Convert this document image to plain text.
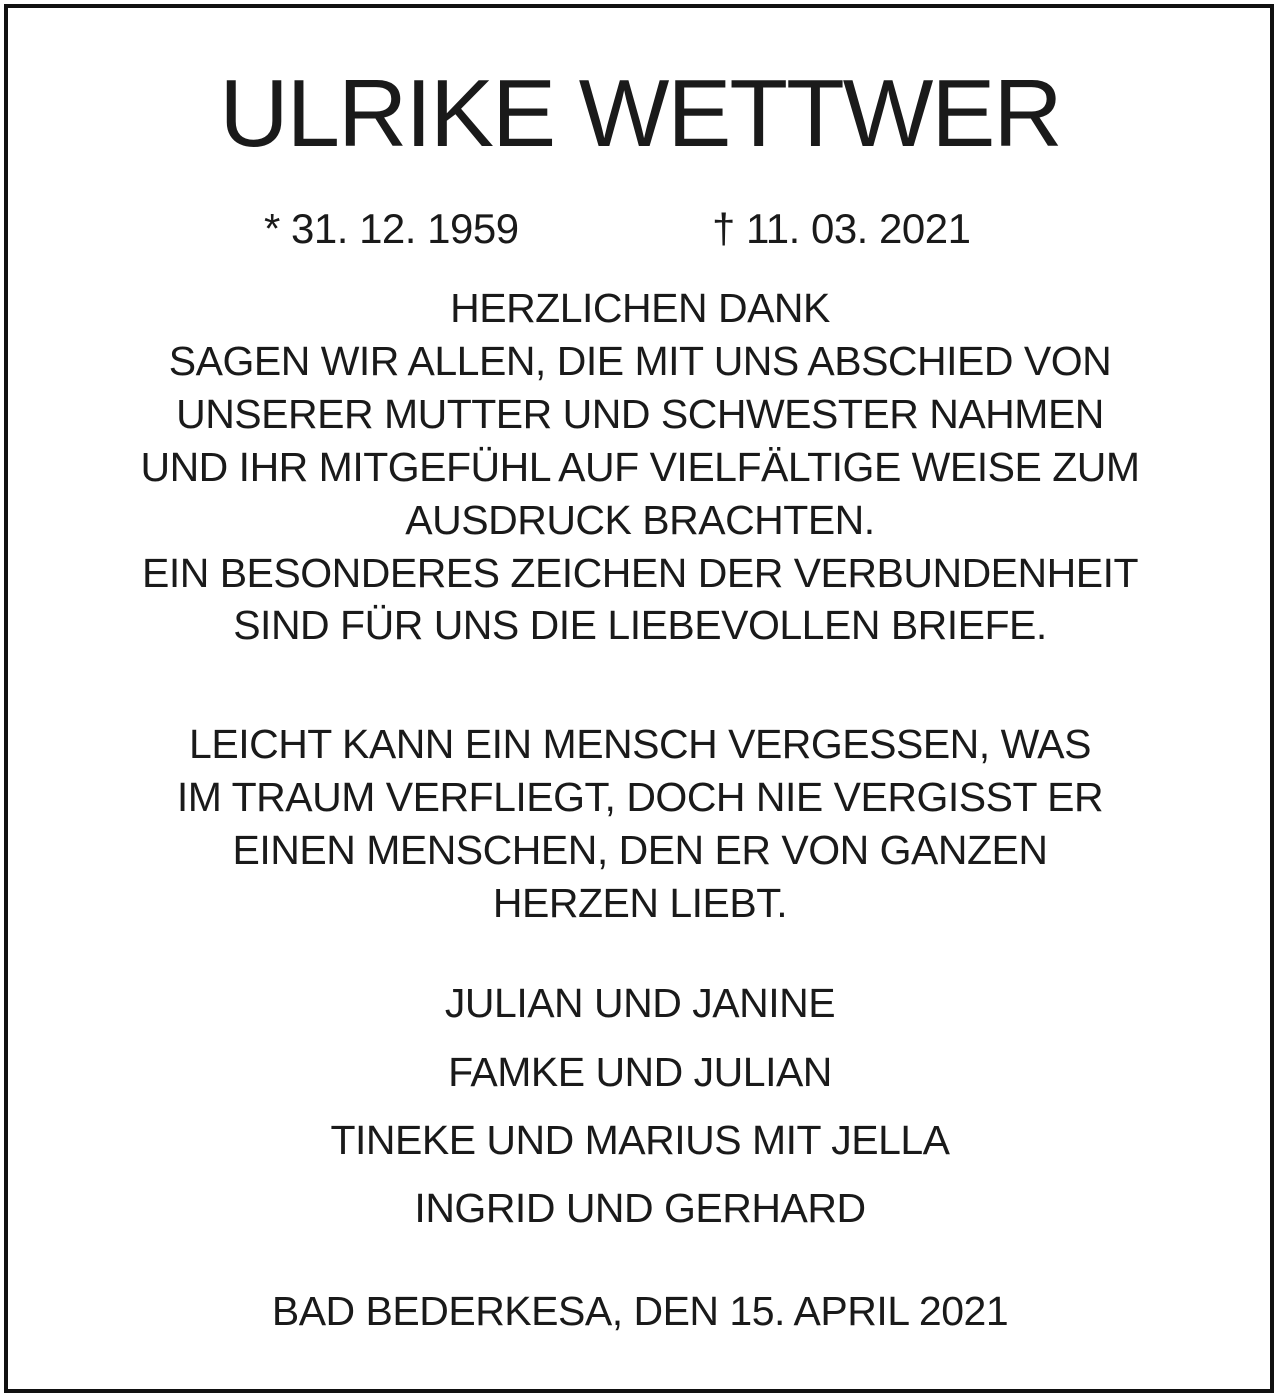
ULRIKE WETTWER
* 31. 12. 1959	† 11. 03. 2021
HERZLICHEN DANK
SAGEN WIR ALLEN, DIE MIT UNS ABSCHIED VON
UNSERER MUTTER UND SCHWESTER NAHMEN
UND IHR MITGEFÜHL AUF VIELFÄLTIGE WEISE ZUM
AUSDRUCK BRACHTEN.
EIN BESONDERES ZEICHEN DER VERBUNDENHEIT
SIND FÜR UNS DIE LIEBEVOLLEN BRIEFE.
LEICHT KANN EIN MENSCH VERGESSEN, WAS
IM TRAUM VERFLIEGT, DOCH NIE VERGISST ER
EINEN MENSCHEN, DEN ER VON GANZEN
HERZEN LIEBT.
JULIAN UND JANINE
FAMKE UND JULIAN
TINEKE UND MARIUS MIT JELLA
INGRID UND GERHARD
BAD BEDERKESA, DEN 15. APRIL 2021
